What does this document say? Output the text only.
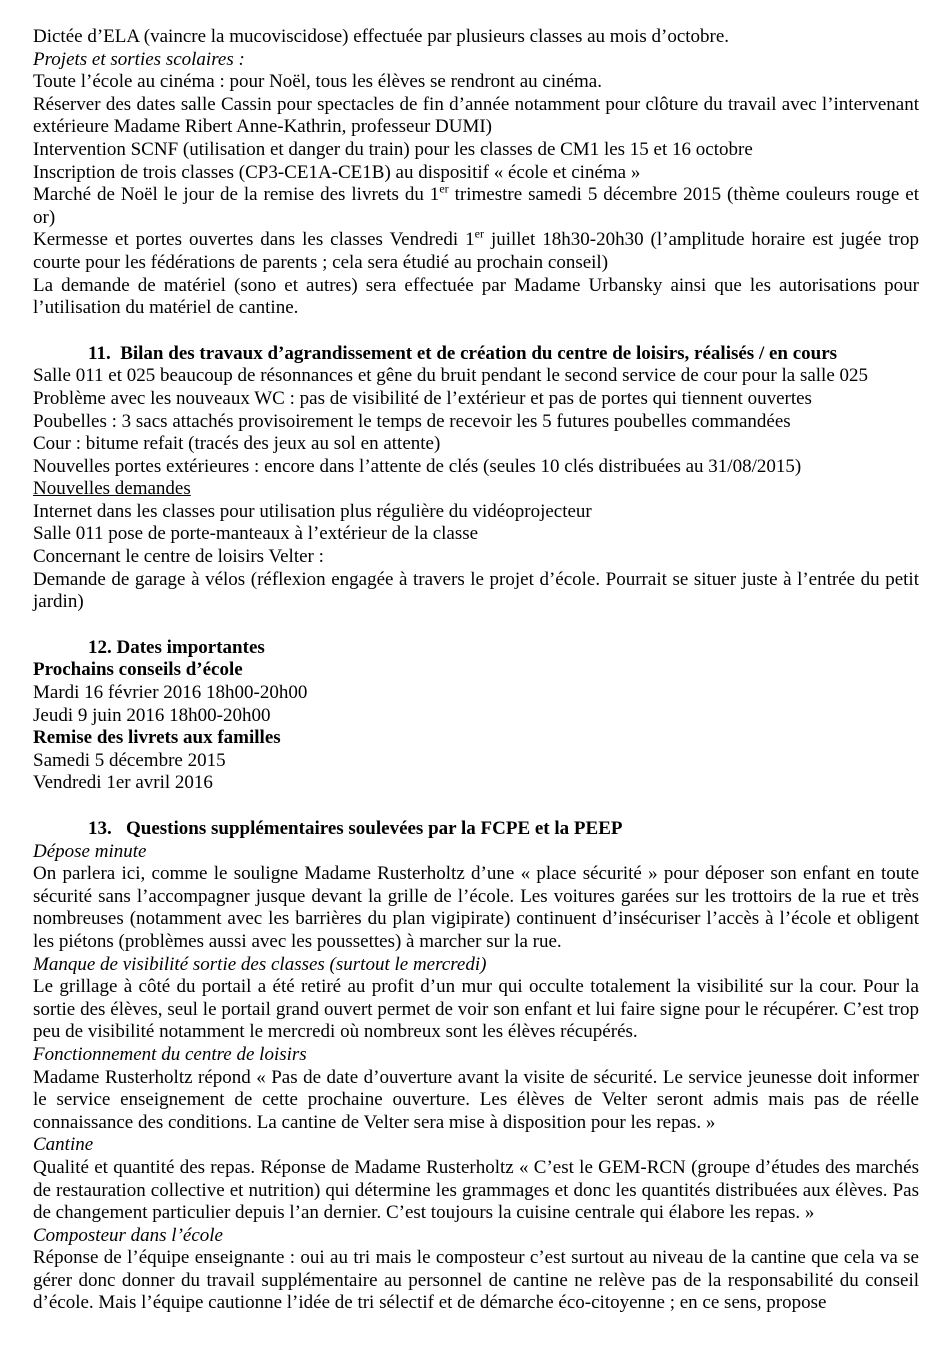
Dictée d’ELA (vaincre la mucoviscidose) effectuée par plusieurs classes au mois d’octobre.

Projets et sorties scolaires :

Toute l’école au cinéma : pour Noël, tous les élèves se rendront au cinéma.

Réserver des dates salle Cassin pour spectacles de fin d’année notamment pour clôture du travail avec l’intervenant extérieure Madame Ribert Anne-Kathrin, professeur DUMI)

Intervention SCNF (utilisation et danger du train) pour les classes de CM1 les 15 et 16 octobre

Inscription de trois classes (CP3-CE1A-CE1B) au dispositif « école et cinéma »

Marché de Noël le jour de la remise des livrets du 1er trimestre samedi 5 décembre 2015 (thème couleurs rouge et or)

Kermesse et portes ouvertes dans les classes Vendredi 1er juillet 18h30-20h30 (l’amplitude horaire est jugée trop courte pour les fédérations de parents ; cela sera étudié au prochain conseil)

La demande de matériel (sono et autres) sera effectuée par Madame Urbansky ainsi que les autorisations pour l’utilisation du matériel de cantine.

11.  Bilan des travaux d’agrandissement et de création du centre de loisirs, réalisés / en cours

Salle 011 et 025 beaucoup de résonnances et gêne du bruit pendant le second service de cour pour la salle 025

Problème avec les nouveaux WC : pas de visibilité de l’extérieur et pas de portes qui tiennent ouvertes

Poubelles : 3 sacs attachés provisoirement le temps de recevoir les 5 futures poubelles commandées

Cour : bitume refait (tracés des jeux au sol en attente)

Nouvelles portes extérieures : encore dans l’attente de clés (seules 10 clés distribuées au 31/08/2015)

Nouvelles demandes

Internet dans les classes pour utilisation plus régulière du vidéoprojecteur

Salle 011 pose de porte-manteaux à l’extérieur de la classe

Concernant le centre de loisirs Velter :

Demande de garage à vélos (réflexion engagée à travers le projet d’école. Pourrait se situer juste à l’entrée du petit jardin)

12. Dates importantes

Prochains conseils d’école

Mardi 16 février 2016 18h00-20h00

Jeudi 9 juin 2016 18h00-20h00

Remise des livrets aux familles

Samedi 5 décembre 2015

Vendredi 1er avril 2016

13.   Questions supplémentaires soulevées par la FCPE et la PEEP

Dépose minute

On parlera ici, comme le souligne Madame Rusterholtz d’une « place sécurité » pour déposer son enfant en toute sécurité sans l’accompagner jusque devant la grille de l’école. Les voitures garées sur les trottoirs de la rue et très nombreuses (notamment avec les barrières du plan vigipirate) continuent d’insécuriser l’accès à l’école et obligent les piétons (problèmes aussi avec les poussettes) à marcher sur la rue.

Manque de visibilité sortie des classes (surtout le mercredi)

Le grillage à côté du portail a été retiré au profit d’un mur qui occulte totalement la visibilité sur la cour. Pour la sortie des élèves, seul le portail grand ouvert permet de voir son enfant et lui faire signe pour le récupérer. C’est trop peu de visibilité notamment le mercredi où nombreux sont les élèves récupérés.

Fonctionnement du centre de loisirs

Madame Rusterholtz répond « Pas de date d’ouverture avant la visite de sécurité. Le service jeunesse doit informer le service enseignement de cette prochaine ouverture. Les élèves de Velter seront admis mais pas de réelle connaissance des conditions. La cantine de Velter sera mise à disposition pour les repas. »

Cantine

Qualité et quantité des repas. Réponse de Madame Rusterholtz « C’est le GEM-RCN (groupe d’études des marchés de restauration collective et nutrition) qui détermine les grammages et donc les quantités distribuées aux élèves. Pas de changement particulier depuis l’an dernier. C’est toujours la cuisine centrale qui élabore les repas. »

Composteur dans l’école

Réponse de l’équipe enseignante : oui au tri mais le composteur c’est surtout au niveau de la cantine que cela va se gérer donc donner du travail supplémentaire au personnel de cantine ne relève pas de la responsabilité du conseil d’école. Mais l’équipe cautionne l’idée de tri sélectif et de démarche éco-citoyenne ; en ce sens, propose
